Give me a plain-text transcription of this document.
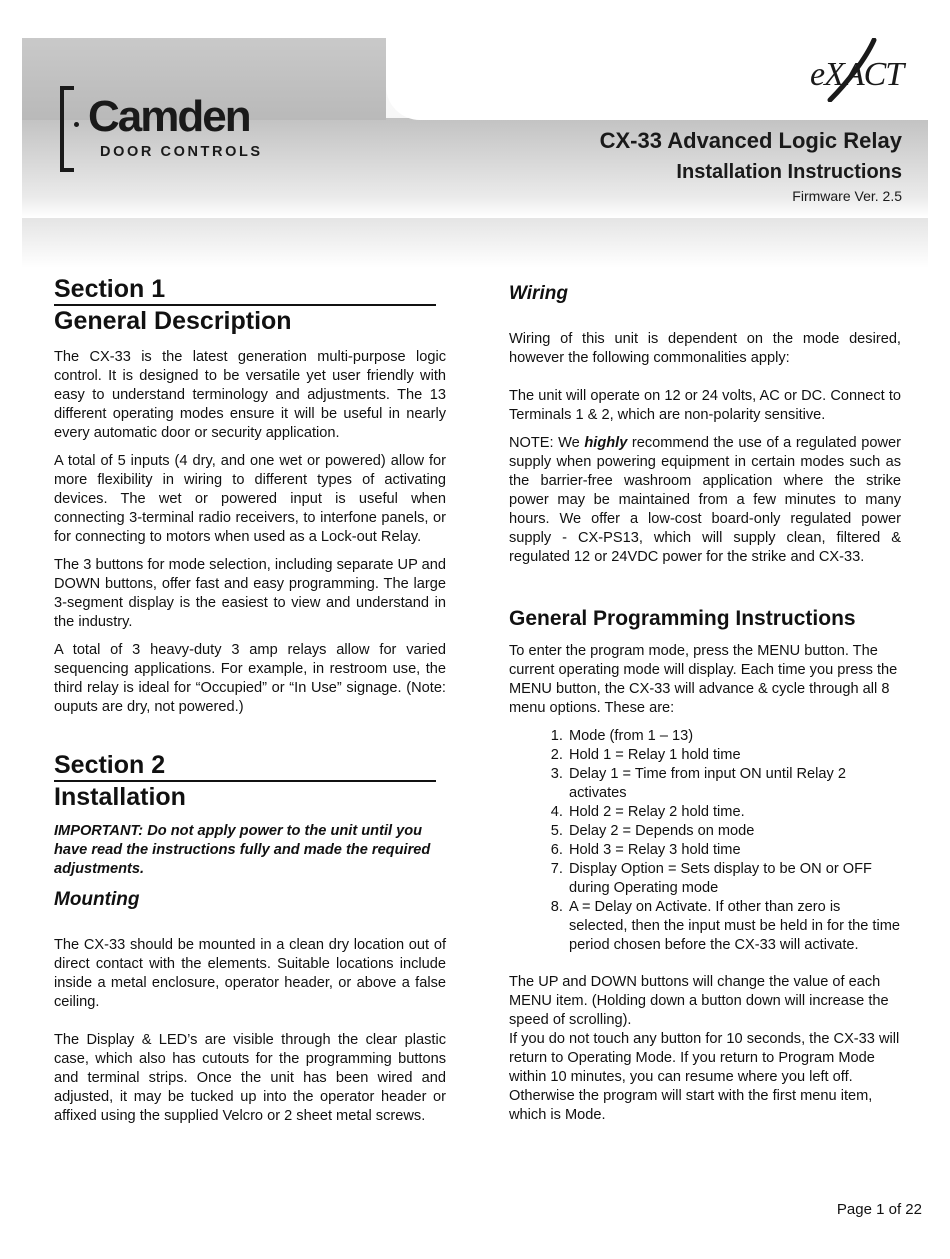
Camden
DOOR CONTROLS
eXACT
CX-33 Advanced Logic Relay
Installation Instructions
Firmware Ver. 2.5
Section 1
General Description

The CX-33 is the latest generation multi-purpose logic control. It is designed to be versatile yet user friendly with easy to understand terminology and adjustments. The 13 different operating modes ensure it will be useful in nearly every automatic door or security application.

A total of 5 inputs (4 dry, and one wet or powered) allow for more flexibility in wiring to different types of activating devices. The wet or powered input is useful when connecting 3-terminal radio receivers, to interfone panels, or for connecting to motors when used as a Lock-out Relay.

The 3 buttons for mode selection, including separate UP and DOWN buttons, offer fast and easy programming. The large 3-segment display is the easiest to view and understand in the industry.

A total of 3 heavy-duty 3 amp relays allow for varied sequencing applications. For example, in restroom use, the third relay is ideal for “Occupied” or “In Use” signage. (Note: ouputs are dry, not powered.)

Section 2
Installation

IMPORTANT: Do not apply power to the unit until you have read the instructions fully and made the required adjustments.

Mounting

The CX-33 should be mounted in a clean dry location out of direct contact with the elements. Suitable locations include inside a metal enclosure, operator header, or above a false ceiling.

The Display & LED’s are visible through the clear plastic case, which also has cutouts for the programming buttons and terminal strips. Once the unit has been wired and adjusted, it may be tucked up into the operator header or affixed using the supplied Velcro or 2 sheet metal screws.

Wiring

Wiring of this unit is dependent on the mode desired, however the following commonalities apply:

The unit will operate on 12 or 24 volts, AC or DC. Connect to Terminals 1 & 2, which are non-polarity sensitive.

NOTE: We highly recommend the use of a regulated power supply when powering equipment in certain modes such as the barrier-free washroom application where the strike power may be maintained from a few minutes to many hours. We offer a low-cost board-only regulated power supply - CX-PS13, which will supply clean, filtered & regulated 12 or 24VDC power for the strike and CX-33.

General Programming Instructions

To enter the program mode, press the MENU button. The current operating mode will display. Each time you press the MENU button, the CX-33 will advance & cycle through all 8 menu options. These are:

1. Mode (from 1 – 13)
2. Hold 1 = Relay 1 hold time
3. Delay 1 = Time from input ON until Relay 2 activates
4. Hold 2 = Relay 2 hold time.
5. Delay 2 = Depends on mode
6. Hold 3 = Relay 3 hold time
7. Display Option = Sets display to be ON or OFF during Operating mode
8. A = Delay on Activate. If other than zero is selected, then the input must be held in for the time period chosen before the CX-33 will activate.

The UP and DOWN buttons will change the value of each MENU item. (Holding down a button down will increase the speed of scrolling).

If you do not touch any button for 10 seconds, the CX-33 will return to Operating Mode. If you return to Program Mode within 10 minutes, you can resume where you left off. Otherwise the program will start with the first menu item, which is Mode.

Page 1 of 22
